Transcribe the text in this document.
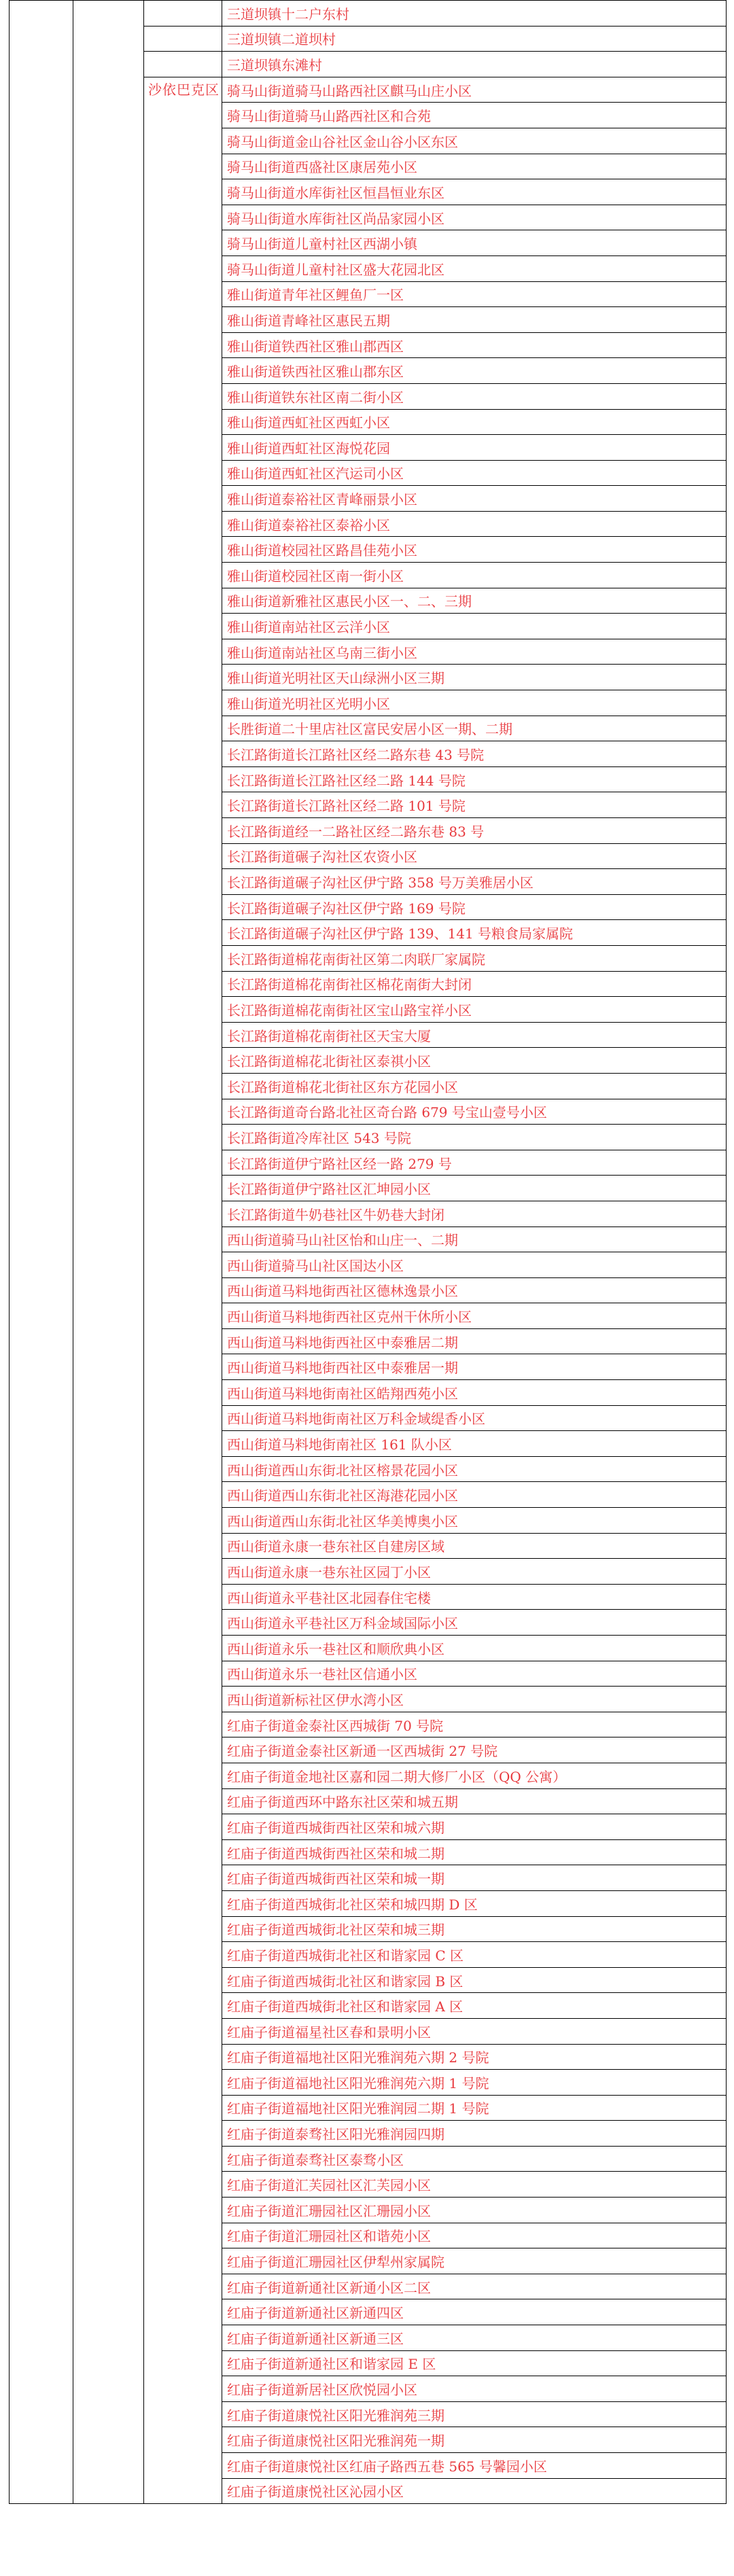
			三道坝镇十二户东村
			三道坝镇二道坝村
			三道坝镇东滩村
		沙依巴克区	骑马山街道骑马山路西社区麒马山庄小区
			骑马山街道骑马山路西社区和合苑
			骑马山街道金山谷社区金山谷小区东区
			骑马山街道西盛社区康居苑小区
			骑马山街道水库街社区恒昌恒业东区
			骑马山街道水库街社区尚品家园小区
			骑马山街道儿童村社区西湖小镇
			骑马山街道儿童村社区盛大花园北区
			雅山街道青年社区鲤鱼厂一区
			雅山街道青峰社区惠民五期
			雅山街道铁西社区雅山郡西区
			雅山街道铁西社区雅山郡东区
			雅山街道铁东社区南二街小区
			雅山街道西虹社区西虹小区
			雅山街道西虹社区海悦花园
			雅山街道西虹社区汽运司小区
			雅山街道泰裕社区青峰丽景小区
			雅山街道泰裕社区泰裕小区
			雅山街道校园社区路昌佳苑小区
			雅山街道校园社区南一街小区
			雅山街道新雅社区惠民小区一、二、三期
			雅山街道南站社区云洋小区
			雅山街道南站社区乌南三街小区
			雅山街道光明社区天山绿洲小区三期
			雅山街道光明社区光明小区
			长胜街道二十里店社区富民安居小区一期、二期
			长江路街道长江路社区经二路东巷 43 号院
			长江路街道长江路社区经二路 144 号院
			长江路街道长江路社区经二路 101 号院
			长江路街道经一二路社区经二路东巷 83 号
			长江路街道碾子沟社区农资小区
			长江路街道碾子沟社区伊宁路 358 号万美雅居小区
			长江路街道碾子沟社区伊宁路 169 号院
			长江路街道碾子沟社区伊宁路 139、141 号粮食局家属院
			长江路街道棉花南街社区第二肉联厂家属院
			长江路街道棉花南街社区棉花南街大封闭
			长江路街道棉花南街社区宝山路宝祥小区
			长江路街道棉花南街社区天宝大厦
			长江路街道棉花北街社区泰祺小区
			长江路街道棉花北街社区东方花园小区
			长江路街道奇台路北社区奇台路 679 号宝山壹号小区
			长江路街道冷库社区 543 号院
			长江路街道伊宁路社区经一路 279 号
			长江路街道伊宁路社区汇坤园小区
			长江路街道牛奶巷社区牛奶巷大封闭
			西山街道骑马山社区怡和山庄一、二期
			西山街道骑马山社区国达小区
			西山街道马料地街西社区德林逸景小区
			西山街道马料地街西社区克州干休所小区
			西山街道马料地街西社区中泰雅居二期
			西山街道马料地街西社区中泰雅居一期
			西山街道马料地街南社区皓翔西苑小区
			西山街道马料地街南社区万科金域缇香小区
			西山街道马料地街南社区 161 队小区
			西山街道西山东街北社区榕景花园小区
			西山街道西山东街北社区海港花园小区
			西山街道西山东街北社区华美博奥小区
			西山街道永康一巷东社区自建房区域
			西山街道永康一巷东社区园丁小区
			西山街道永平巷社区北园春住宅楼
			西山街道永平巷社区万科金域国际小区
			西山街道永乐一巷社区和顺欣典小区
			西山街道永乐一巷社区信通小区
			西山街道新标社区伊水湾小区
			红庙子街道金泰社区西城街 70 号院
			红庙子街道金泰社区新通一区西城街 27 号院
			红庙子街道金地社区嘉和园二期大修厂小区（QQ 公寓）
			红庙子街道西环中路东社区荣和城五期
			红庙子街道西城街西社区荣和城六期
			红庙子街道西城街西社区荣和城二期
			红庙子街道西城街西社区荣和城一期
			红庙子街道西城街北社区荣和城四期 D 区
			红庙子街道西城街北社区荣和城三期
			红庙子街道西城街北社区和谐家园 C 区
			红庙子街道西城街北社区和谐家园 B 区
			红庙子街道西城街北社区和谐家园 A 区
			红庙子街道福星社区春和景明小区
			红庙子街道福地社区阳光雅润苑六期 2 号院
			红庙子街道福地社区阳光雅润苑六期 1 号院
			红庙子街道福地社区阳光雅润园二期 1 号院
			红庙子街道泰骛社区阳光雅润园四期
			红庙子街道泰骛社区泰骛小区
			红庙子街道汇芙园社区汇芙园小区
			红庙子街道汇珊园社区汇珊园小区
			红庙子街道汇珊园社区和谐苑小区
			红庙子街道汇珊园社区伊犁州家属院
			红庙子街道新通社区新通小区二区
			红庙子街道新通社区新通四区
			红庙子街道新通社区新通三区
			红庙子街道新通社区和谐家园 E 区
			红庙子街道新居社区欣悦园小区
			红庙子街道康悦社区阳光雅润苑三期
			红庙子街道康悦社区阳光雅润苑一期
			红庙子街道康悦社区红庙子路西五巷 565 号馨园小区
			红庙子街道康悦社区沁园小区
